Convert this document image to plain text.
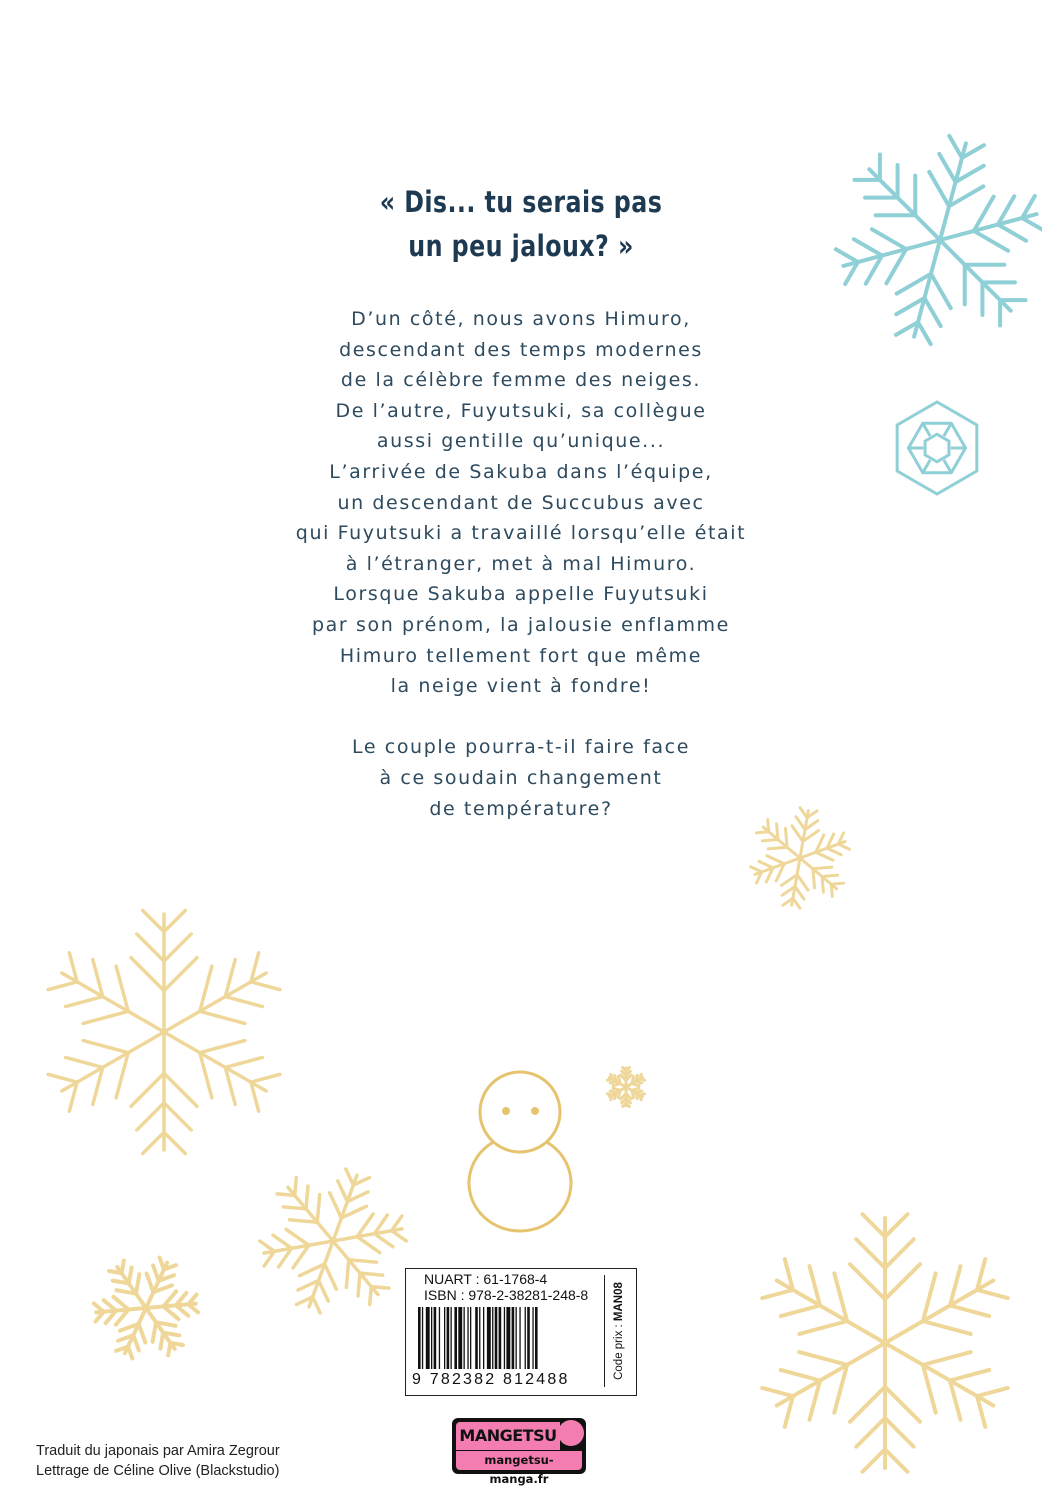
« Dis... tu serais pas
un peu jaloux? »
D’un côté, nous avons Himuro,
descendant des temps modernes
de la célèbre femme des neiges.
De l’autre, Fuyutsuki, sa collègue
aussi gentille qu’unique...
L’arrivée de Sakuba dans l’équipe,
un descendant de Succubus avec
qui Fuyutsuki a travaillé lorsqu’elle était
à l’étranger, met à mal Himuro.
Lorsque Sakuba appelle Fuyutsuki
par son prénom, la jalousie enflamme
Himuro tellement fort que même
la neige vient à fondre!
Le couple pourra-t-il faire face
à ce soudain changement
de température?
NUART : 61-1768-4
ISBN : 978-2-38281-248-8
9 782382 812488	Code prix : MAN08
MANGETSU
mangetsu-manga.fr
Traduit du japonais par Amira Zegrour
Lettrage de Céline Olive (Blackstudio)
